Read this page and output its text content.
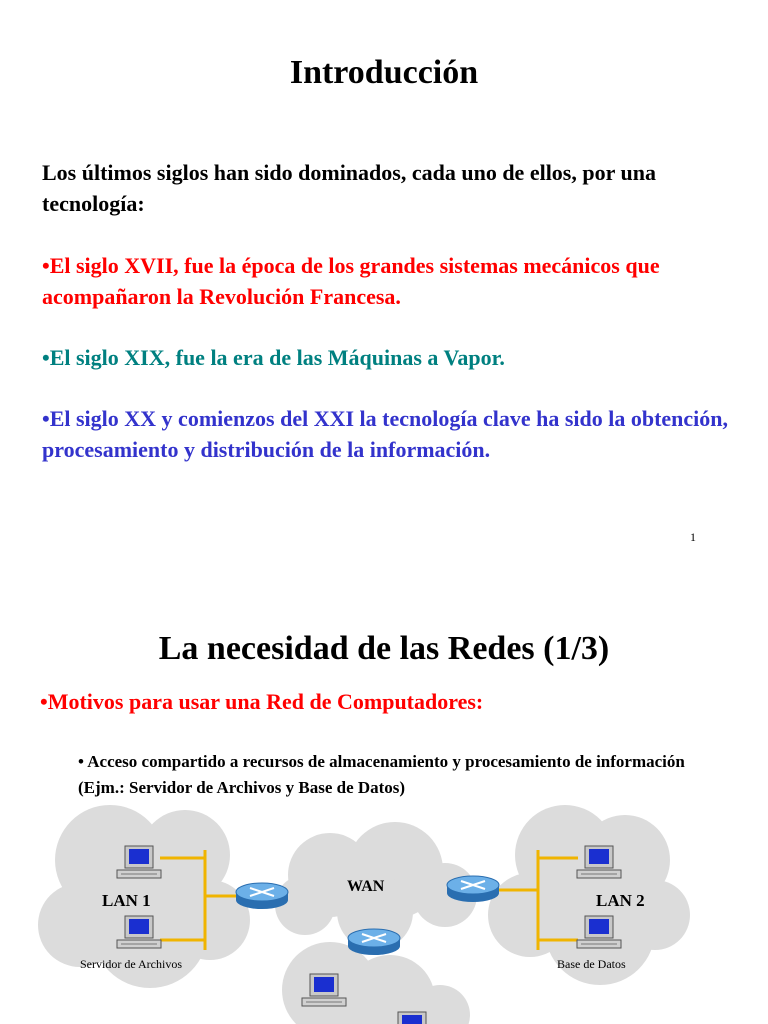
Introducción
Los últimos siglos han sido dominados, cada uno de ellos, por una tecnología:
•El siglo XVII, fue la época de los grandes sistemas mecánicos que acompañaron la Revolución Francesa.
•El siglo XIX, fue la era de las Máquinas a Vapor.
•El siglo XX y comienzos del XXI la tecnología clave ha sido la obtención, procesamiento y distribución de la información.
1
La necesidad de las Redes (1/3)
•Motivos para usar una Red de Computadores:
• Acceso compartido a recursos de almacenamiento y procesamiento de información (Ejm.: Servidor de Archivos y Base de Datos)
LAN 1	LAN 2
WAN
Servidor de Archivos	Base de Datos
